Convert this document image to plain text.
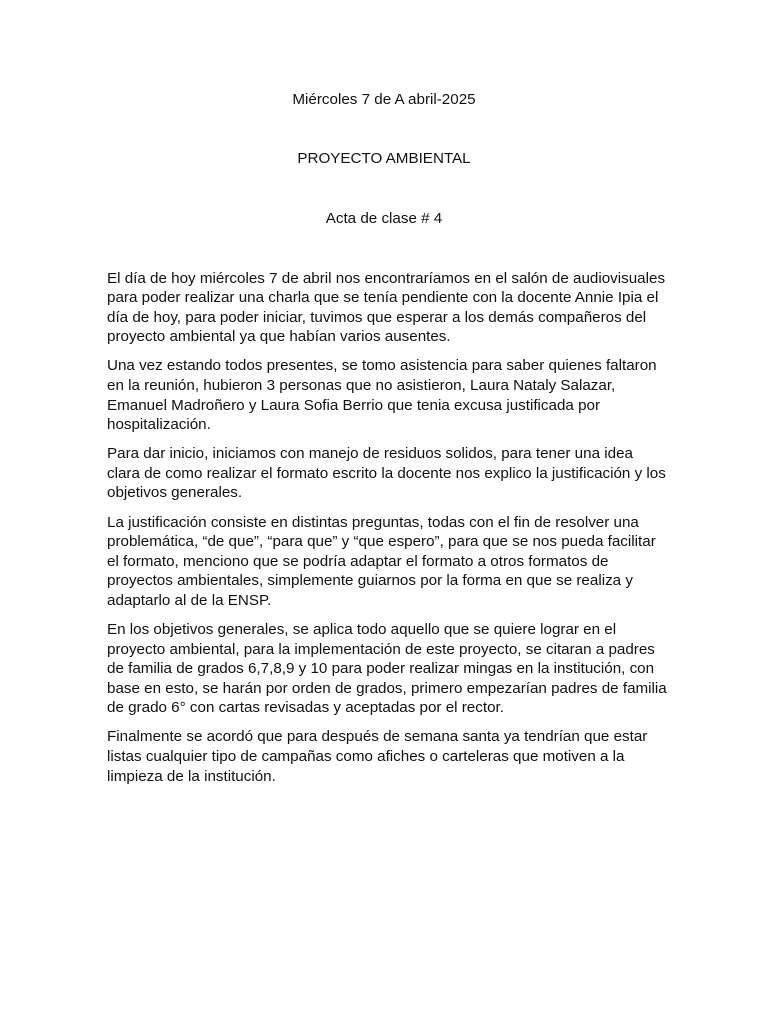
Miércoles 7 de A abril-2025

PROYECTO AMBIENTAL

Acta de clase # 4

El día de hoy miércoles 7 de abril nos encontraríamos en el salón de audiovisuales para poder realizar una charla que se tenía pendiente con la docente Annie Ipia el día de hoy, para poder iniciar, tuvimos que esperar a los demás compañeros del proyecto ambiental ya que habían varios ausentes.

Una vez estando todos presentes, se tomo asistencia para saber quienes faltaron en la reunión, hubieron 3 personas que no asistieron, Laura Nataly Salazar, Emanuel Madroñero y Laura Sofia Berrio que tenia excusa justificada por hospitalización.

Para dar inicio, iniciamos con manejo de residuos solidos, para tener una idea clara de como realizar el formato escrito la docente nos explico la justificación y los objetivos generales.

La justificación consiste en distintas preguntas, todas con el fin de resolver una problemática, “de que”, “para que” y “que espero”, para que se nos pueda facilitar el formato, menciono que se podría adaptar el formato a otros formatos de proyectos ambientales, simplemente guiarnos por la forma en que se realiza y adaptarlo al de la ENSP.

En los objetivos generales, se aplica todo aquello que se quiere lograr en el proyecto ambiental, para la implementación de este proyecto, se citaran a padres de familia de grados 6,7,8,9 y 10 para poder realizar mingas en la institución, con base en esto, se harán por orden de grados, primero empezarían padres de familia de grado 6° con cartas revisadas y aceptadas por el rector.

Finalmente se acordó que para después de semana santa ya tendrían que estar listas cualquier tipo de campañas como afiches o carteleras que motiven a la limpieza de la institución.
